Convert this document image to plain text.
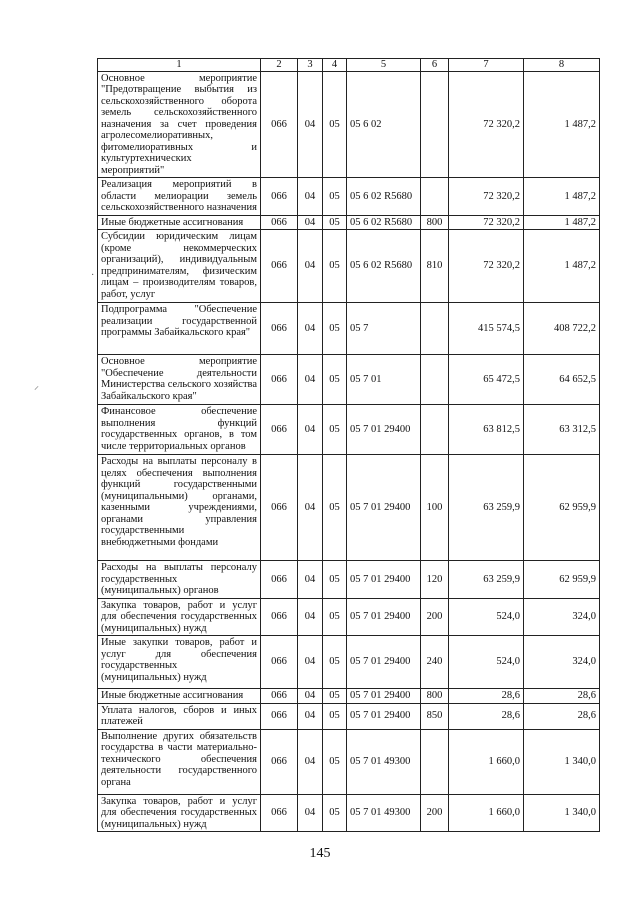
1	2	3	4	5	6	7	8
Основное мероприятие "Предотвращение выбытия из сельскохозяйственного оборота земель сельскохозяйственного назначения за счет проведения агролесомелиоративных, фитомелиоративных и культуртехнических мероприятий"	066	04	05	05 6 02		72 320,2	1 487,2
Реализация мероприятий в области мелиорации земель сельскохозяйственного назначения	066	04	05	05 6 02 R5680		72 320,2	1 487,2
Иные бюджетные ассигнования	066	04	05	05 6 02 R5680	800	72 320,2	1 487,2
Субсидии юридическим лицам (кроме некоммерческих организаций), индивидуальным предпринимателям, физическим лицам – производителям товаров, работ, услуг	066	04	05	05 6 02 R5680	810	72 320,2	1 487,2
Подпрограмма "Обеспечение реализации государственной программы Забайкальского края"	066	04	05	05 7		415 574,5	408 722,2
Основное мероприятие "Обеспечение деятельности Министерства сельского хозяйства Забайкальского края"	066	04	05	05 7 01		65 472,5	64 652,5
Финансовое обеспечение выполнения функций государственных органов, в том числе территориальных органов	066	04	05	05 7 01 29400		63 812,5	63 312,5
Расходы на выплаты персоналу в целях обеспечения выполнения функций государственными (муниципальными) органами, казенными учреждениями, органами управления государственными внебюджетными фондами	066	04	05	05 7 01 29400	100	63 259,9	62 959,9
Расходы на выплаты персоналу государственных (муниципальных) органов	066	04	05	05 7 01 29400	120	63 259,9	62 959,9
Закупка товаров, работ и услуг для обеспечения государственных (муниципальных) нужд	066	04	05	05 7 01 29400	200	524,0	324,0
Иные закупки товаров, работ и услуг для обеспечения государственных (муниципальных) нужд	066	04	05	05 7 01 29400	240	524,0	324,0
Иные бюджетные ассигнования	066	04	05	05 7 01 29400	800	28,6	28,6
Уплата налогов, сборов и иных платежей	066	04	05	05 7 01 29400	850	28,6	28,6
Выполнение других обязательств государства в части материально-технического обеспечения деятельности государственного органа	066	04	05	05 7 01 49300		1 660,0	1 340,0
Закупка товаров, работ и услуг для обеспечения государственных (муниципальных) нужд	066	04	05	05 7 01 49300	200	1 660,0	1 340,0
145
·
⸝
